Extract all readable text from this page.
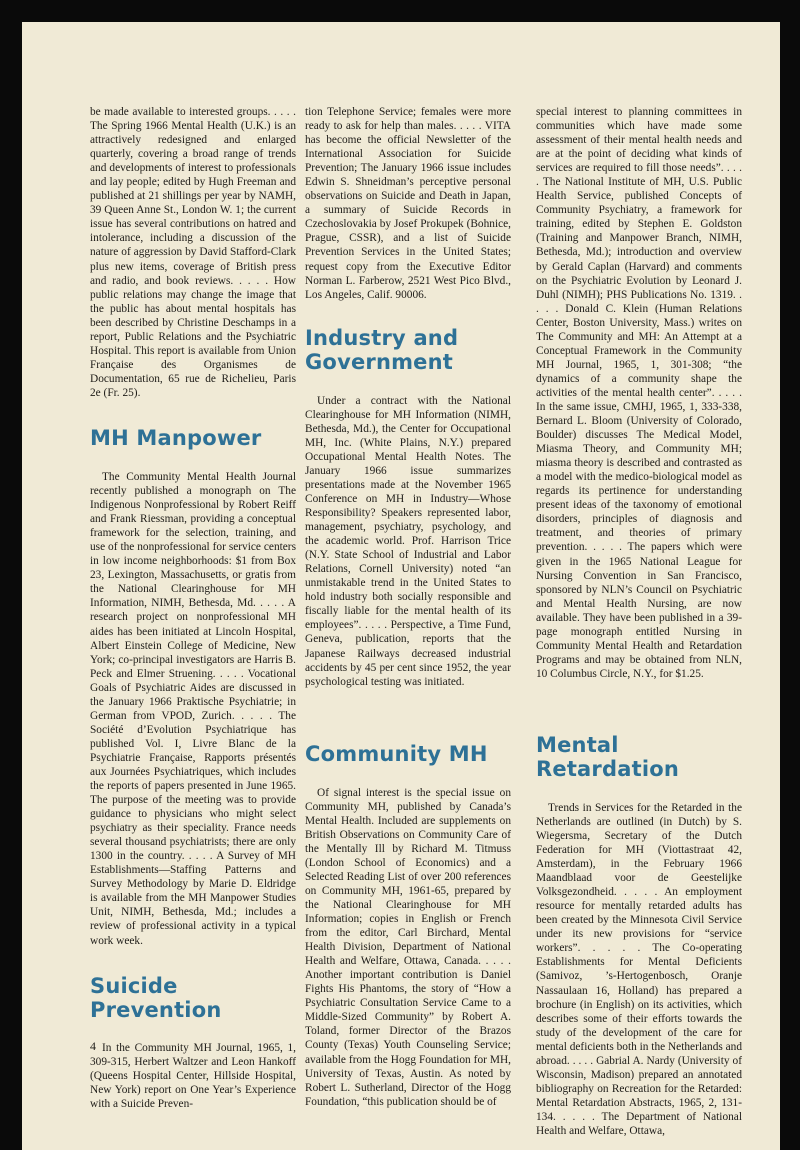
be made available to interested groups. . . . . The Spring 1966 Mental Health (U.K.) is an attractively redesigned and enlarged quarterly, covering a broad range of trends and developments of interest to professionals and lay people; edited by Hugh Freeman and published at 21 shillings per year by NAMH, 39 Queen Anne St., London W. 1; the current issue has several contributions on hatred and intolerance, including a discussion of the nature of aggression by David Stafford-Clark plus new items, coverage of British press and radio, and book reviews. . . . . How public relations may change the image that the public has about mental hospitals has been described by Christine Deschamps in a report, Public Relations and the Psychiatric Hospital. This report is available from Union Française des Organismes de Documentation, 65 rue de Richelieu, Paris 2e (Fr. 25).

MH Manpower

The Community Mental Health Journal recently published a monograph on The Indigenous Nonprofessional by Robert Reiff and Frank Riessman, providing a conceptual framework for the selection, training, and use of the nonprofessional for service centers in low income neighborhoods: $1 from Box 23, Lexington, Massachusetts, or gratis from the National Clearinghouse for MH Information, NIMH, Bethesda, Md. . . . . A research project on nonprofessional MH aides has been initiated at Lincoln Hospital, Albert Einstein College of Medicine, New York; co-principal investigators are Harris B. Peck and Elmer Struening. . . . . Vocational Goals of Psychiatric Aides are discussed in the January 1966 Praktische Psychiatrie; in German from VPOD, Zurich. . . . . The Société d’Evolution Psychiatrique has published Vol. I, Livre Blanc de la Psychiatrie Française, Rapports présentés aux Journées Psychiatriques, which includes the reports of papers presented in June 1965. The purpose of the meeting was to provide guidance to physicians who might select psychiatry as their speciality. France needs several thousand psychiatrists; there are only 1300 in the country. . . . . A Survey of MH Establishments—Staffing Patterns and Survey Methodology by Marie D. Eldridge is available from the MH Manpower Studies Unit, NIMH, Bethesda, Md.; includes a review of professional activity in a typical work week.

Suicide Prevention

In the Community MH Journal, 1965, 1, 309-315, Herbert Waltzer and Leon Hankoff (Queens Hospital Center, Hillside Hospital, New York) report on One Year’s Experience with a Suicide Preven-

tion Telephone Service; females were more ready to ask for help than males. . . . . VITA has become the official Newsletter of the International Association for Suicide Prevention; The January 1966 issue includes Edwin S. Shneidman’s perceptive personal observations on Suicide and Death in Japan, a summary of Suicide Records in Czechoslovakia by Josef Prokupek (Bohnice, Prague, CSSR), and a list of Suicide Prevention Services in the United States; request copy from the Executive Editor Norman L. Farberow, 2521 West Pico Blvd., Los Angeles, Calif. 90006.

Industry and Government

Under a contract with the National Clearinghouse for MH Information (NIMH, Bethesda, Md.), the Center for Occupational MH, Inc. (White Plains, N.Y.) prepared Occupational Mental Health Notes. The January 1966 issue summarizes presentations made at the November 1965 Conference on MH in Industry—Whose Responsibility? Speakers represented labor, management, psychiatry, psychology, and the academic world. Prof. Harrison Trice (N.Y. State School of Industrial and Labor Relations, Cornell University) noted “an unmistakable trend in the United States to hold industry both socially responsible and fiscally liable for the mental health of its employees”. . . . . Perspective, a Time Fund, Geneva, publication, reports that the Japanese Railways decreased industrial accidents by 45 per cent since 1952, the year psychological testing was initiated.

Community MH

Of signal interest is the special issue on Community MH, published by Canada’s Mental Health. Included are supplements on British Observations on Community Care of the Mentally Ill by Richard M. Titmuss (London School of Economics) and a Selected Reading List of over 200 references on Community MH, 1961-65, prepared by the National Clearinghouse for MH Information; copies in English or French from the editor, Carl Birchard, Mental Health Division, Department of National Health and Welfare, Ottawa, Canada. . . . . Another important contribution is Daniel Fights His Phantoms, the story of “How a Psychiatric Consultation Service Came to a Middle-Sized Community” by Robert A. Toland, former Director of the Brazos County (Texas) Youth Counseling Service; available from the Hogg Foundation for MH, University of Texas, Austin. As noted by Robert L. Sutherland, Director of the Hogg Foundation, “this publication should be of

special interest to planning committees in communities which have made some assessment of their mental health needs and are at the point of deciding what kinds of services are required to fill those needs”. . . . . The National Institute of MH, U.S. Public Health Service, published Concepts of Community Psychiatry, a framework for training, edited by Stephen E. Goldston (Training and Manpower Branch, NIMH, Bethesda, Md.); introduction and overview by Gerald Caplan (Harvard) and comments on the Psychiatric Evolution by Leonard J. Duhl (NIMH); PHS Publications No. 1319. . . . . Donald C. Klein (Human Relations Center, Boston University, Mass.) writes on The Community and MH: An Attempt at a Conceptual Framework in the Community MH Journal, 1965, 1, 301-308; “the dynamics of a community shape the activities of the mental health center”. . . . . In the same issue, CMHJ, 1965, 1, 333-338, Bernard L. Bloom (University of Colorado, Boulder) discusses The Medical Model, Miasma Theory, and Community MH; miasma theory is described and contrasted as a model with the medico-biological model as regards its pertinence for understanding present ideas of the taxonomy of emotional disorders, principles of diagnosis and treatment, and theories of primary prevention. . . . . The papers which were given in the 1965 National League for Nursing Convention in San Francisco, sponsored by NLN’s Council on Psychiatric and Mental Health Nursing, are now available. They have been published in a 39-page monograph entitled Nursing in Community Mental Health and Retardation Programs and may be obtained from NLN, 10 Columbus Circle, N.Y., for $1.25.

Mental Retardation

Trends in Services for the Retarded in the Netherlands are outlined (in Dutch) by S. Wiegersma, Secretary of the Dutch Federation for MH (Viottastraat 42, Amsterdam), in the February 1966 Maandblaad voor de Geestelijke Volksgezondheid. . . . . An employment resource for mentally retarded adults has been created by the Minnesota Civil Service under its new provisions for “service workers”. . . . . The Co-operating Establishments for Mental Deficients (Samivoz, ’s-Hertogenbosch, Oranje Nassaulaan 16, Holland) has prepared a brochure (in English) on its activities, which describes some of their efforts towards the study of the development of the care for mental deficients both in the Netherlands and abroad. . . . . Gabrial A. Nardy (University of Wisconsin, Madison) prepared an annotated bibliography on Recreation for the Retarded: Mental Retardation Abstracts, 1965, 2, 131-134. . . . . The Department of National Health and Welfare, Ottawa,

4
